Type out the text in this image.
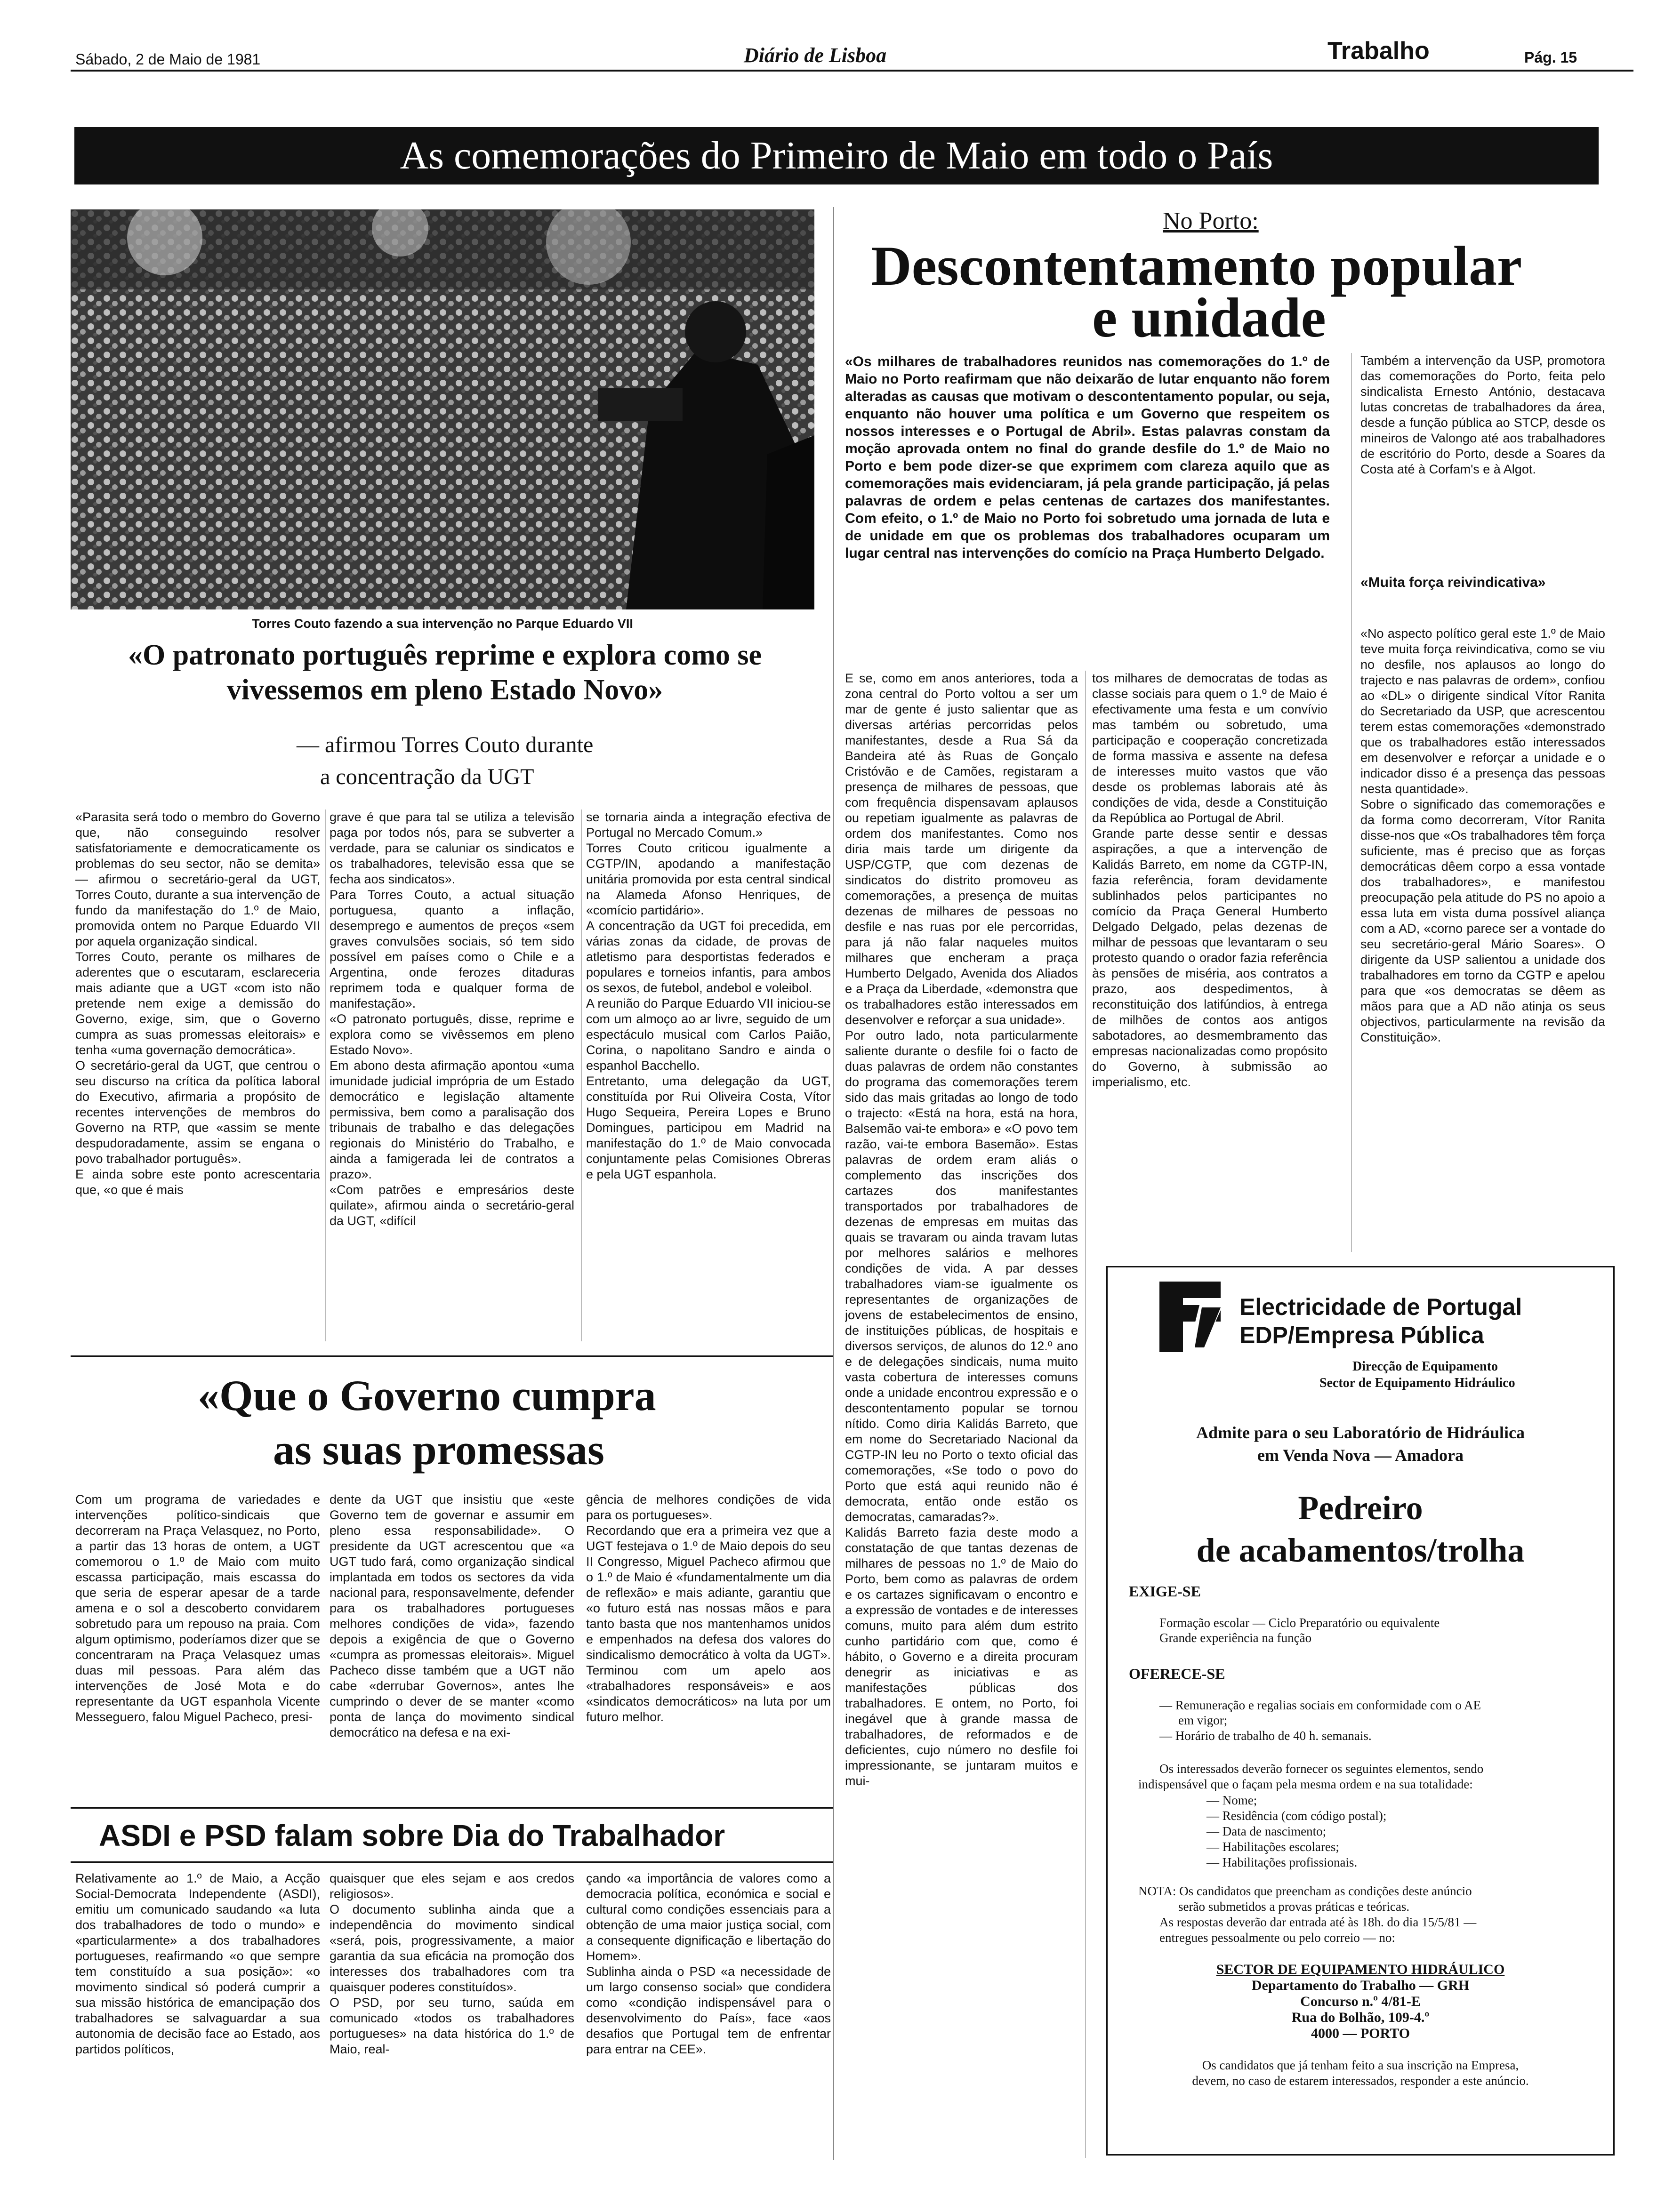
Sábado, 2 de Maio de 1981	Diário de Lisboa	Trabalho	Pág. 15
As comemorações do Primeiro de Maio em todo o País
Torres Couto fazendo a sua intervenção no Parque Eduardo VII
«O patronato português reprime e explora como se vivessemos em pleno Estado Novo»
— afirmou Torres Couto durante
a concentração da UGT
«Parasita será todo o membro do Governo que, não conseguindo resolver satisfatoriamente e democraticamente os problemas do seu sector, não se demita» — afirmou o secretário-geral da UGT, Torres Couto, durante a sua intervenção de fundo da manifestação do 1.º de Maio, promovida ontem no Parque Eduardo VII por aquela organização sindical.
Torres Couto, perante os milhares de aderentes que o escutaram, esclareceria mais adiante que a UGT «com isto não pretende nem exige a demissão do Governo, exige, sim, que o Governo cumpra as suas promessas eleitorais» e tenha «uma governação democrática».
O secretário-geral da UGT, que centrou o seu discurso na crítica da política laboral do Executivo, afirmaria a propósito de recentes intervenções de membros do Governo na RTP, que «assim se mente despudoradamente, assim se engana o povo trabalhador português».
E ainda sobre este ponto acrescentaria que, «o que é mais
grave é que para tal se utiliza a televisão paga por todos nós, para se subverter a verdade, para se caluniar os sindicatos e os trabalhadores, televisão essa que se fecha aos sindicatos».
Para Torres Couto, a actual situação portuguesa, quanto a inflação, desemprego e aumentos de preços «sem graves convulsões sociais, só tem sido possível em países como o Chile e a Argentina, onde ferozes ditaduras reprimem toda e qualquer forma de manifestação».
«O patronato português, disse, reprime e explora como se vivêssemos em pleno Estado Novo».
Em abono desta afirmação apontou «uma imunidade judicial imprópria de um Estado democrático e legislação altamente permissiva, bem como a paralisação dos tribunais de trabalho e das delegações regionais do Ministério do Trabalho, e ainda a famigerada lei de contratos a prazo».
«Com patrões e empresários deste quilate», afirmou ainda o secretário-geral da UGT, «difícil
se tornaria ainda a integração efectiva de Portugal no Mercado Comum.»
Torres Couto criticou igualmente a CGTP/IN, apodando a manifestação unitária promovida por esta central sindical na Alameda Afonso Henriques, de «comício partidário».
A concentração da UGT foi precedida, em várias zonas da cidade, de provas de atletismo para desportistas federados e populares e torneios infantis, para ambos os sexos, de futebol, andebol e voleibol.
A reunião do Parque Eduardo VII iniciou-se com um almoço ao ar livre, seguido de um espectáculo musical com Carlos Paião, Corina, o napolitano Sandro e ainda o espanhol Bacchello.
Entretanto, uma delegação da UGT, constituída por Rui Oliveira Costa, Vítor Hugo Sequeira, Pereira Lopes e Bruno Domingues, participou em Madrid na manifestação do 1.º de Maio convocada conjuntamente pelas Comisiones Obreras e pela UGT espanhola.
No Porto:
Descontentamento popular
e unidade
«Os milhares de trabalhadores reunidos nas comemorações do 1.º de Maio no Porto reafirmam que não deixarão de lutar enquanto não forem alteradas as causas que motivam o descontentamento popular, ou seja, enquanto não houver uma política e um Governo que respeitem os nossos interesses e o Portugal de Abril». Estas palavras constam da moção aprovada ontem no final do grande desfile do 1.º de Maio no Porto e bem pode dizer-se que exprimem com clareza aquilo que as comemorações mais evidenciaram, já pela grande participação, já pelas palavras de ordem e pelas centenas de cartazes dos manifestantes. Com efeito, o 1.º de Maio no Porto foi sobretudo uma jornada de luta e de unidade em que os problemas dos trabalhadores ocuparam um lugar central nas intervenções do comício na Praça Humberto Delgado.
Também a intervenção da USP, promotora das comemorações do Porto, feita pelo sindicalista Ernesto António, destacava lutas concretas de trabalhadores da área, desde a função pública ao STCP, desde os mineiros de Valongo até aos trabalhadores de escritório do Porto, desde a Soares da Costa até à Corfam's e à Algot.
«Muita força reivindicativa»
«No aspecto político geral este 1.º de Maio teve muita força reivindicativa, como se viu no desfile, nos aplausos ao longo do trajecto e nas palavras de ordem», confiou ao «DL» o dirigente sindical Vítor Ranita do Secretariado da USP, que acrescentou terem estas comemorações «demonstrado que os trabalhadores estão interessados em desenvolver e reforçar a unidade e o indicador disso é a presença das pessoas nesta quantidade».
Sobre o significado das comemorações e da forma como decorreram, Vítor Ranita disse-nos que «Os trabalhadores têm força suficiente, mas é preciso que as forças democráticas dêem corpo a essa vontade dos trabalhadores», e manifestou preocupação pela atitude do PS no apoio a essa luta em vista duma possível aliança com a AD, «corno parece ser a vontade do seu secretário-geral Mário Soares». O dirigente da USP salientou a unidade dos trabalhadores em torno da CGTP e apelou para que «os democratas se dêem as mãos para que a AD não atinja os seus objectivos, particularmente na revisão da Constituição».
E se, como em anos anteriores, toda a zona central do Porto voltou a ser um mar de gente é justo salientar que as diversas artérias percorridas pelos manifestantes, desde a Rua Sá da Bandeira até às Ruas de Gonçalo Cristóvão e de Camões, registaram a presença de milhares de pessoas, que com frequência dispensavam aplausos ou repetiam igualmente as palavras de ordem dos manifestantes. Como nos diria mais tarde um dirigente da USP/CGTP, que com dezenas de sindicatos do distrito promoveu as comemorações, a presença de muitas dezenas de milhares de pessoas no desfile e nas ruas por ele percorridas, para já não falar naqueles muitos milhares que encheram a praça Humberto Delgado, Avenida dos Aliados e a Praça da Liberdade, «demonstra que os trabalhadores estão interessados em desenvolver e reforçar a sua unidade».
Por outro lado, nota particularmente saliente durante o desfile foi o facto de duas palavras de ordem não constantes do programa das comemorações terem sido das mais gritadas ao longo de todo o trajecto: «Está na hora, está na hora, Balsemão vai-te embora» e «O povo tem razão, vai-te embora Basemão». Estas palavras de ordem eram aliás o complemento das inscrições dos cartazes dos manifestantes transportados por trabalhadores de dezenas de empresas em muitas das quais se travaram ou ainda travam lutas por melhores salários e melhores condições de vida. A par desses trabalhadores viam-se igualmente os representantes de organizações de jovens de estabelecimentos de ensino, de instituições públicas, de hospitais e diversos serviços, de alunos do 12.º ano e de delegações sindicais, numa muito vasta cobertura de interesses comuns onde a unidade encontrou expressão e o descontentamento popular se tornou nítido. Como diria Kalidás Barreto, que em nome do Secretariado Nacional da CGTP-IN leu no Porto o texto oficial das comemorações, «Se todo o povo do Porto que está aqui reunido não é democrata, então onde estão os democratas, camaradas?».
Kalidás Barreto fazia deste modo a constatação de que tantas dezenas de milhares de pessoas no 1.º de Maio do Porto, bem como as palavras de ordem e os cartazes significavam o encontro e a expressão de vontades e de interesses comuns, muito para além dum estrito cunho partidário com que, como é hábito, o Governo e a direita procuram denegrir as iniciativas e as manifestações públicas dos trabalhadores. E ontem, no Porto, foi inegável que à grande massa de trabalhadores, de reformados e de deficientes, cujo número no desfile foi impressionante, se juntaram muitos e mui-
tos milhares de democratas de todas as classe sociais para quem o 1.º de Maio é efectivamente uma festa e um convívio mas também ou sobretudo, uma participação e cooperação concretizada de forma massiva e assente na defesa de interesses muito vastos que vão desde os problemas laborais até às condições de vida, desde a Constituição da República ao Portugal de Abril.
Grande parte desse sentir e dessas aspirações, a que a intervenção de Kalidás Barreto, em nome da CGTP-IN, fazia referência, foram devidamente sublinhados pelos participantes no comício da Praça General Humberto Delgado Delgado, pelas dezenas de milhar de pessoas que levantaram o seu protesto quando o orador fazia referência às pensões de miséria, aos contratos a prazo, aos despedimentos, à reconstituição dos latifúndios, à entrega de milhões de contos aos antigos sabotadores, ao desmembramento das empresas nacionalizadas como propósito do Governo, à submissão ao imperialismo, etc.
«Que o Governo cumpra
as suas promessas
Com um programa de variedades e intervenções político-sindicais que decorreram na Praça Velasquez, no Porto, a partir das 13 horas de ontem, a UGT comemorou o 1.º de Maio com muito escassa participação, mais escassa do que seria de esperar apesar de a tarde amena e o sol a descoberto convidarem sobretudo para um repouso na praia. Com algum optimismo, poderíamos dizer que se concentraram na Praça Velasquez umas duas mil pessoas. Para além das intervenções de José Mota e do representante da UGT espanhola Vicente Messeguero, falou Miguel Pacheco, presi-
dente da UGT que insistiu que «este Governo tem de governar e assumir em pleno essa responsabilidade». O presidente da UGT acrescentou que «a UGT tudo fará, como organização sindical implantada em todos os sectores da vida nacional para, responsavelmente, defender para os trabalhadores portugueses melhores condições de vida», fazendo depois a exigência de que o Governo «cumpra as promessas eleitorais». Miguel Pacheco disse também que a UGT não cabe «derrubar Governos», antes lhe cumprindo o dever de se manter «como ponta de lança do movimento sindical democrático na defesa e na exi-
gência de melhores condições de vida para os portugueses».
Recordando que era a primeira vez que a UGT festejava o 1.º de Maio depois do seu II Congresso, Miguel Pacheco afirmou que o 1.º de Maio é «fundamentalmente um dia de reflexão» e mais adiante, garantiu que «o futuro está nas nossas mãos e para tanto basta que nos mantenhamos unidos e empenhados na defesa dos valores do sindicalismo democrático à volta da UGT». Terminou com um apelo aos «trabalhadores responsáveis» e aos «sindicatos democráticos» na luta por um futuro melhor.
ASDI e PSD falam sobre Dia do Trabalhador
Relativamente ao 1.º de Maio, a Acção Social-Democrata Independente (ASDI), emitiu um comunicado saudando «a luta dos trabalhadores de todo o mundo» e «particularmente» a dos trabalhadores portugueses, reafirmando «o que sempre tem constituído a sua posição»: «o movimento sindical só poderá cumprir a sua missão histórica de emancipação dos trabalhadores se salvaguardar a sua autonomia de decisão face ao Estado, aos partidos políticos,
quaisquer que eles sejam e aos credos religiosos».
O documento sublinha ainda que a independência do movimento sindical «será, pois, progressivamente, a maior garantia da sua eficácia na promoção dos interesses dos trabalhadores com tra quaisquer poderes constituídos».
O PSD, por seu turno, saúda em comunicado «todos os trabalhadores portugueses» na data histórica do 1.º de Maio, real-
çando «a importância de valores como a democracia política, económica e social e cultural como condições essenciais para a obtenção de uma maior justiça social, com a consequente dignificação e libertação do Homem».
Sublinha ainda o PSD «a necessidade de um largo consenso social» que condidera como «condição indispensável para o desenvolvimento do País», face «aos desafios que Portugal tem de enfrentar para entrar na CEE».
Electricidade de Portugal
EDP/Empresa Pública
Direcção de Equipamento
Sector de Equipamento Hidráulico
Admite para o seu Laboratório de Hidráulica
em Venda Nova — Amadora
Pedreiro
de acabamentos/trolha
EXIGE-SE
Formação escolar — Ciclo Preparatório ou equivalente
Grande experiência na função
OFERECE-SE
— Remuneração e regalias sociais em conformidade com o AE
em vigor;
— Horário de trabalho de 40 h. semanais.
Os interessados deverão fornecer os seguintes elementos, sendo
indispensável que o façam pela mesma ordem e na sua totalidade:
— Nome;
— Residência (com código postal);
— Data de nascimento;
— Habilitações escolares;
— Habilitações profissionais.
NOTA: Os candidatos que preencham as condições deste anúncio
serão submetidos a provas práticas e teóricas.
As respostas deverão dar entrada até às 18h. do dia 15/5/81 —
entregues pessoalmente ou pelo correio — no:
SECTOR DE EQUIPAMENTO HIDRÁULICO
Departamento do Trabalho — GRH
Concurso n.º 4/81-E
Rua do Bolhão, 109-4.º
4000 — PORTO
Os candidatos que já tenham feito a sua inscrição na Empresa,
devem, no caso de estarem interessados, responder a este anúncio.
